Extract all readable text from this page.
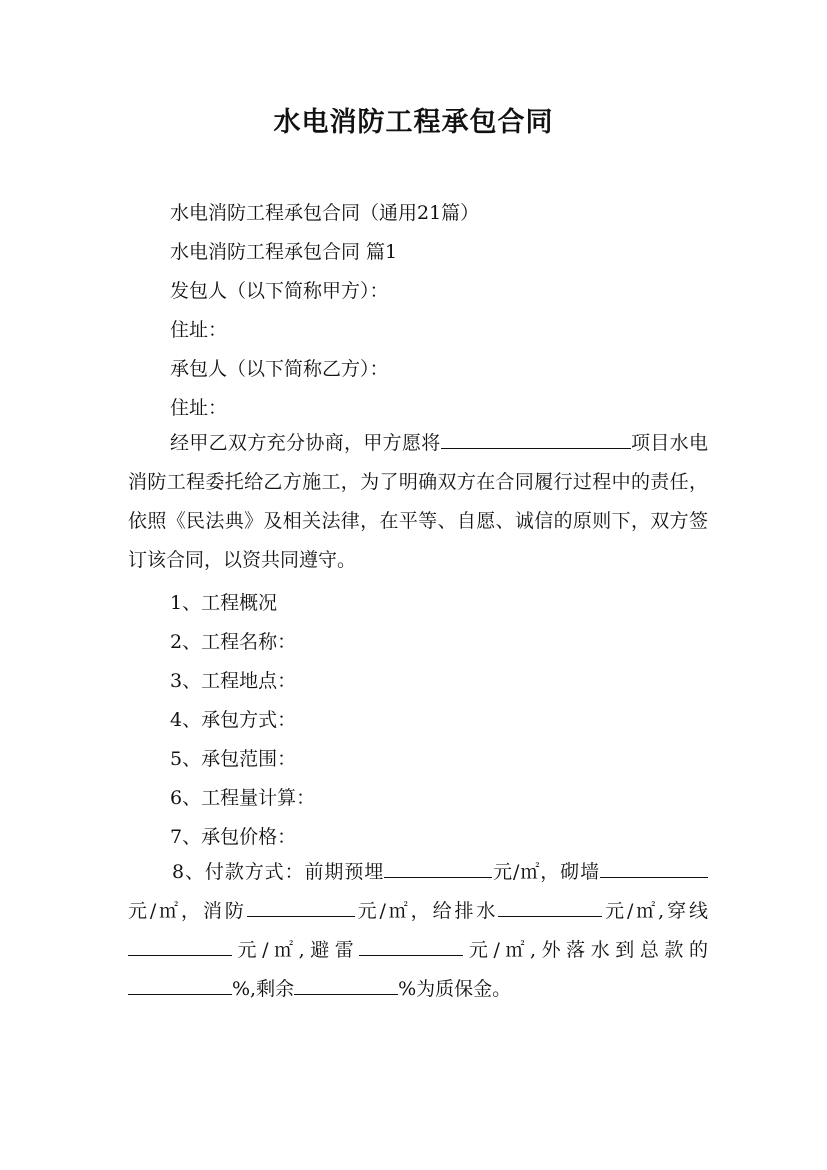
水电消防工程承包合同

水电消防工程承包合同（通用21篇）

水电消防工程承包合同 篇1

发包人（以下简称甲方）：

住址：

承包人（以下简称乙方）：

住址：

经甲乙双方充分协商，甲方愿将	项目水电消防工程委托给乙方施工，为了明确双方在合同履行过程中的责任，依照《民法典》及相关法律，在平等、自愿、诚信的原则下，双方签订该合同，以资共同遵守。

1、工程概况

2、工程名称：

3、工程地点：

4、承包方式：

5、承包范围：

6、工程量计算：

7、承包价格：

8、付款方式：前期预埋	元/㎡，砌墙元/㎡，消防	元/㎡，给排水	元/㎡,穿线元/㎡,避雷	元/㎡,外落水到总款的%,剩余	%为质保金。
